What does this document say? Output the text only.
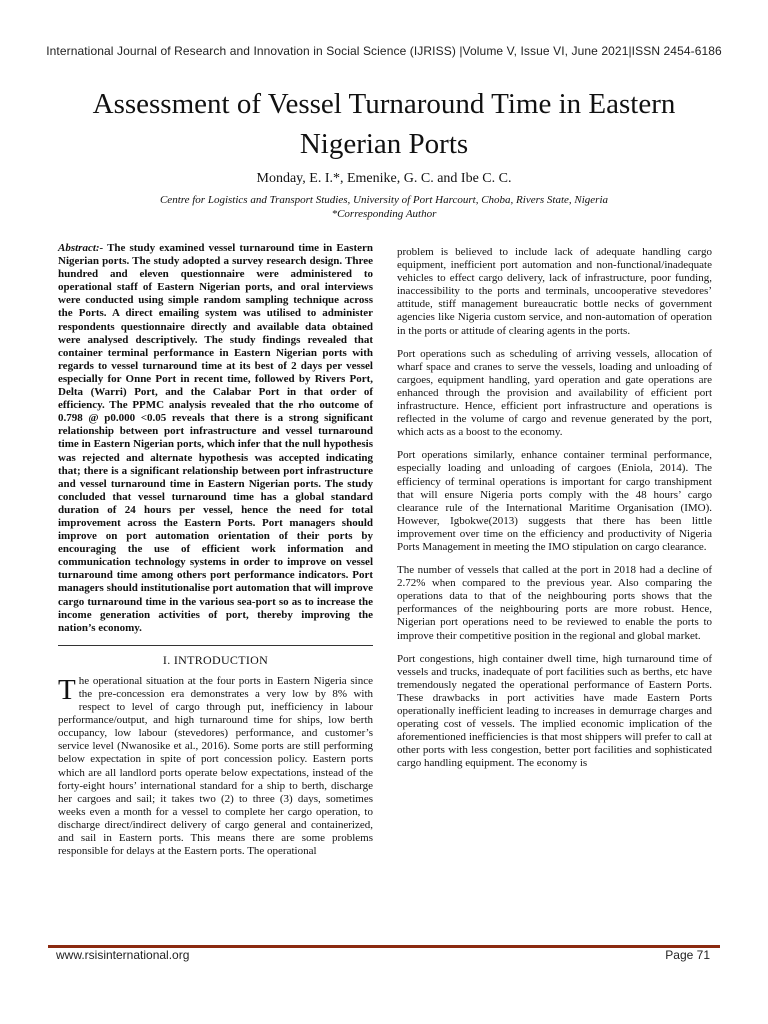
International Journal of Research and Innovation in Social Science (IJRISS) |Volume V, Issue VI, June 2021|ISSN 2454-6186
Assessment of Vessel Turnaround Time in Eastern Nigerian Ports
Monday, E. I.*, Emenike, G. C. and Ibe C. C.
Centre for Logistics and Transport Studies, University of Port Harcourt, Choba, Rivers State, Nigeria
*Corresponding Author

Abstract:- The study examined vessel turnaround time in Eastern Nigerian ports. The study adopted a survey research design. Three hundred and eleven questionnaire were administered to operational staff of Eastern Nigerian ports, and oral interviews were conducted using simple random sampling technique across the Ports. A direct emailing system was utilised to administer respondents questionnaire directly and available data obtained were analysed descriptively. The study findings revealed that container terminal performance in Eastern Nigerian ports with regards to vessel turnaround time at its best of 2 days per vessel especially for Onne Port in recent time, followed by Rivers Port, Delta (Warri) Port, and the Calabar Port in that order of efficiency. The PPMC analysis revealed that the rho outcome of 0.798 @ p0.000 <0.05 reveals that there is a strong significant relationship between port infrastructure and vessel turnaround time in Eastern Nigerian ports, which infer that the null hypothesis was rejected and alternate hypothesis was accepted indicating that; there is a significant relationship between port infrastructure and vessel turnaround time in Eastern Nigerian ports. The study concluded that vessel turnaround time has a global standard duration of 24 hours per vessel, hence the need for total improvement across the Eastern Ports. Port managers should improve on port automation orientation of their ports by encouraging the use of efficient work information and communication technology systems in order to improve on vessel turnaround time among others port performance indicators. Port managers should institutionalise port automation that will improve cargo turnaround time in the various sea-port so as to increase the income generation activities of port, thereby improving the nation’s economy.

I. INTRODUCTION

The operational situation at the four ports in Eastern Nigeria since the pre-concession era demonstrates a very low by 8% with respect to level of cargo through put, inefficiency in labour performance/output, and high turnaround time for ships, low berth occupancy, low labour (stevedores) performance, and customer’s service level (Nwanosike et al., 2016). Some ports are still performing below expectation in spite of port concession policy. Eastern ports which are all landlord ports operate below expectations, instead of the forty-eight hours’ international standard for a ship to berth, discharge her cargoes and sail; it takes two (2) to three (3) days, sometimes weeks even a month for a vessel to complete her cargo operation, to discharge direct/indirect delivery of cargo general and containerized, and sail in Eastern ports. This means there are some problems responsible for delays at the Eastern ports. The operational

problem is believed to include lack of adequate handling cargo equipment, inefficient port automation and non-functional/inadequate vehicles to effect cargo delivery, lack of infrastructure, poor funding, inaccessibility to the ports and terminals, uncooperative stevedores’ attitude, stiff management bureaucratic bottle necks of government agencies like Nigeria custom service, and non-automation of operation in the ports or attitude of clearing agents in the ports.

Port operations such as scheduling of arriving vessels, allocation of wharf space and cranes to serve the vessels, loading and unloading of cargoes, equipment handling, yard operation and gate operations are enhanced through the provision and availability of efficient port infrastructure. Hence, efficient port infrastructure and operations is reflected in the volume of cargo and revenue generated by the port, which acts as a boost to the economy.

Port operations similarly, enhance container terminal performance, especially loading and unloading of cargoes (Eniola, 2014). The efficiency of terminal operations is important for cargo transhipment that will ensure Nigeria ports comply with the 48 hours’ cargo clearance rule of the International Maritime Organisation (IMO). However, Igbokwe(2013) suggests that there has been little improvement over time on the efficiency and productivity of Nigeria Ports Management in meeting the IMO stipulation on cargo clearance.

The number of vessels that called at the port in 2018 had a decline of 2.72% when compared to the previous year. Also comparing the operations data to that of the neighbouring ports shows that the performances of the neighbouring ports are more robust. Hence, Nigerian port operations need to be reviewed to enable the ports to improve their competitive position in the regional and global market.

Port congestions, high container dwell time, high turnaround time of vessels and trucks, inadequate of port facilities such as berths, etc have tremendously negated the operational performance of Eastern Ports. These drawbacks in port activities have made Eastern Ports operationally inefficient leading to increases in demurrage charges and operating cost of vessels. The implied economic implication of the aforementioned inefficiencies is that most shippers will prefer to call at other ports with less congestion, better port facilities and sophisticated cargo handling equipment. The economy is

www.rsisinternational.org	Page 71
